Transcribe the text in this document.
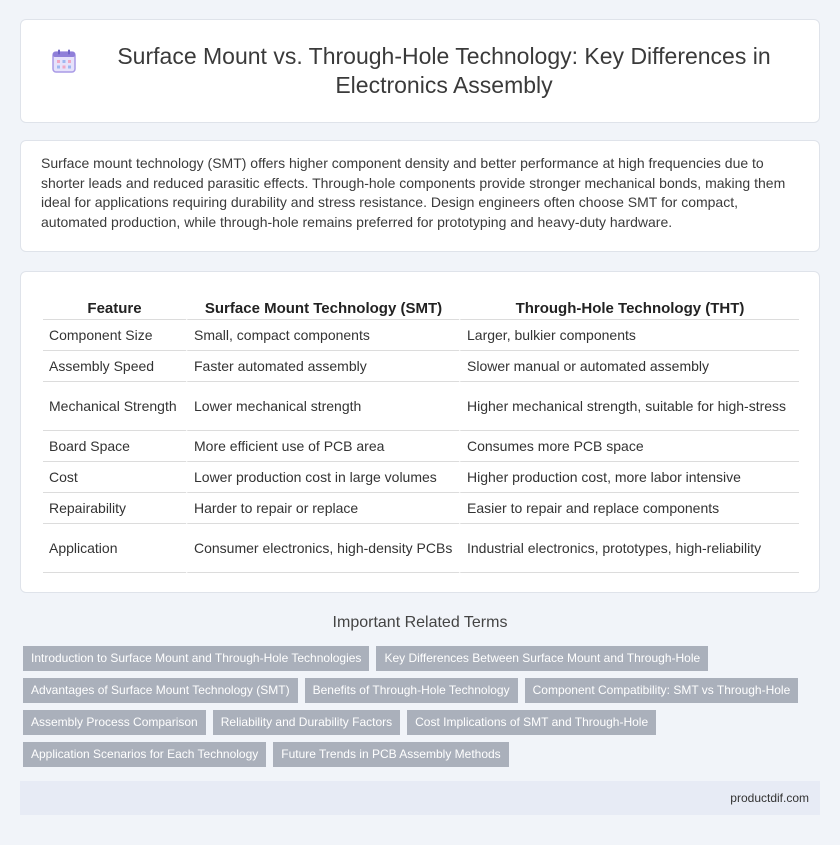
Surface Mount vs. Through-Hole Technology: Key Differences in Electronics Assembly

Surface mount technology (SMT) offers higher component density and better performance at high frequencies due to shorter leads and reduced parasitic effects. Through-hole components provide stronger mechanical bonds, making them ideal for applications requiring durability and stress resistance. Design engineers often choose SMT for compact, automated production, while through-hole remains preferred for prototyping and heavy-duty hardware.

Feature	Surface Mount Technology (SMT)	Through-Hole Technology (THT)
Component Size	Small, compact components	Larger, bulkier components
Assembly Speed	Faster automated assembly	Slower manual or automated assembly
Mechanical Strength	Lower mechanical strength	Higher mechanical strength, suitable for high-stress
Board Space	More efficient use of PCB area	Consumes more PCB space
Cost	Lower production cost in large volumes	Higher production cost, more labor intensive
Repairability	Harder to repair or replace	Easier to repair and replace components
Application	Consumer electronics, high-density PCBs	Industrial electronics, prototypes, high-reliability
Important Related Terms
Introduction to Surface Mount and Through-Hole Technologies	Key Differences Between Surface Mount and Through-Hole
Advantages of Surface Mount Technology (SMT)	Benefits of Through-Hole Technology	Component Compatibility: SMT vs Through-Hole
Assembly Process Comparison	Reliability and Durability Factors	Cost Implications of SMT and Through-Hole
Application Scenarios for Each Technology	Future Trends in PCB Assembly Methods
productdif.com
